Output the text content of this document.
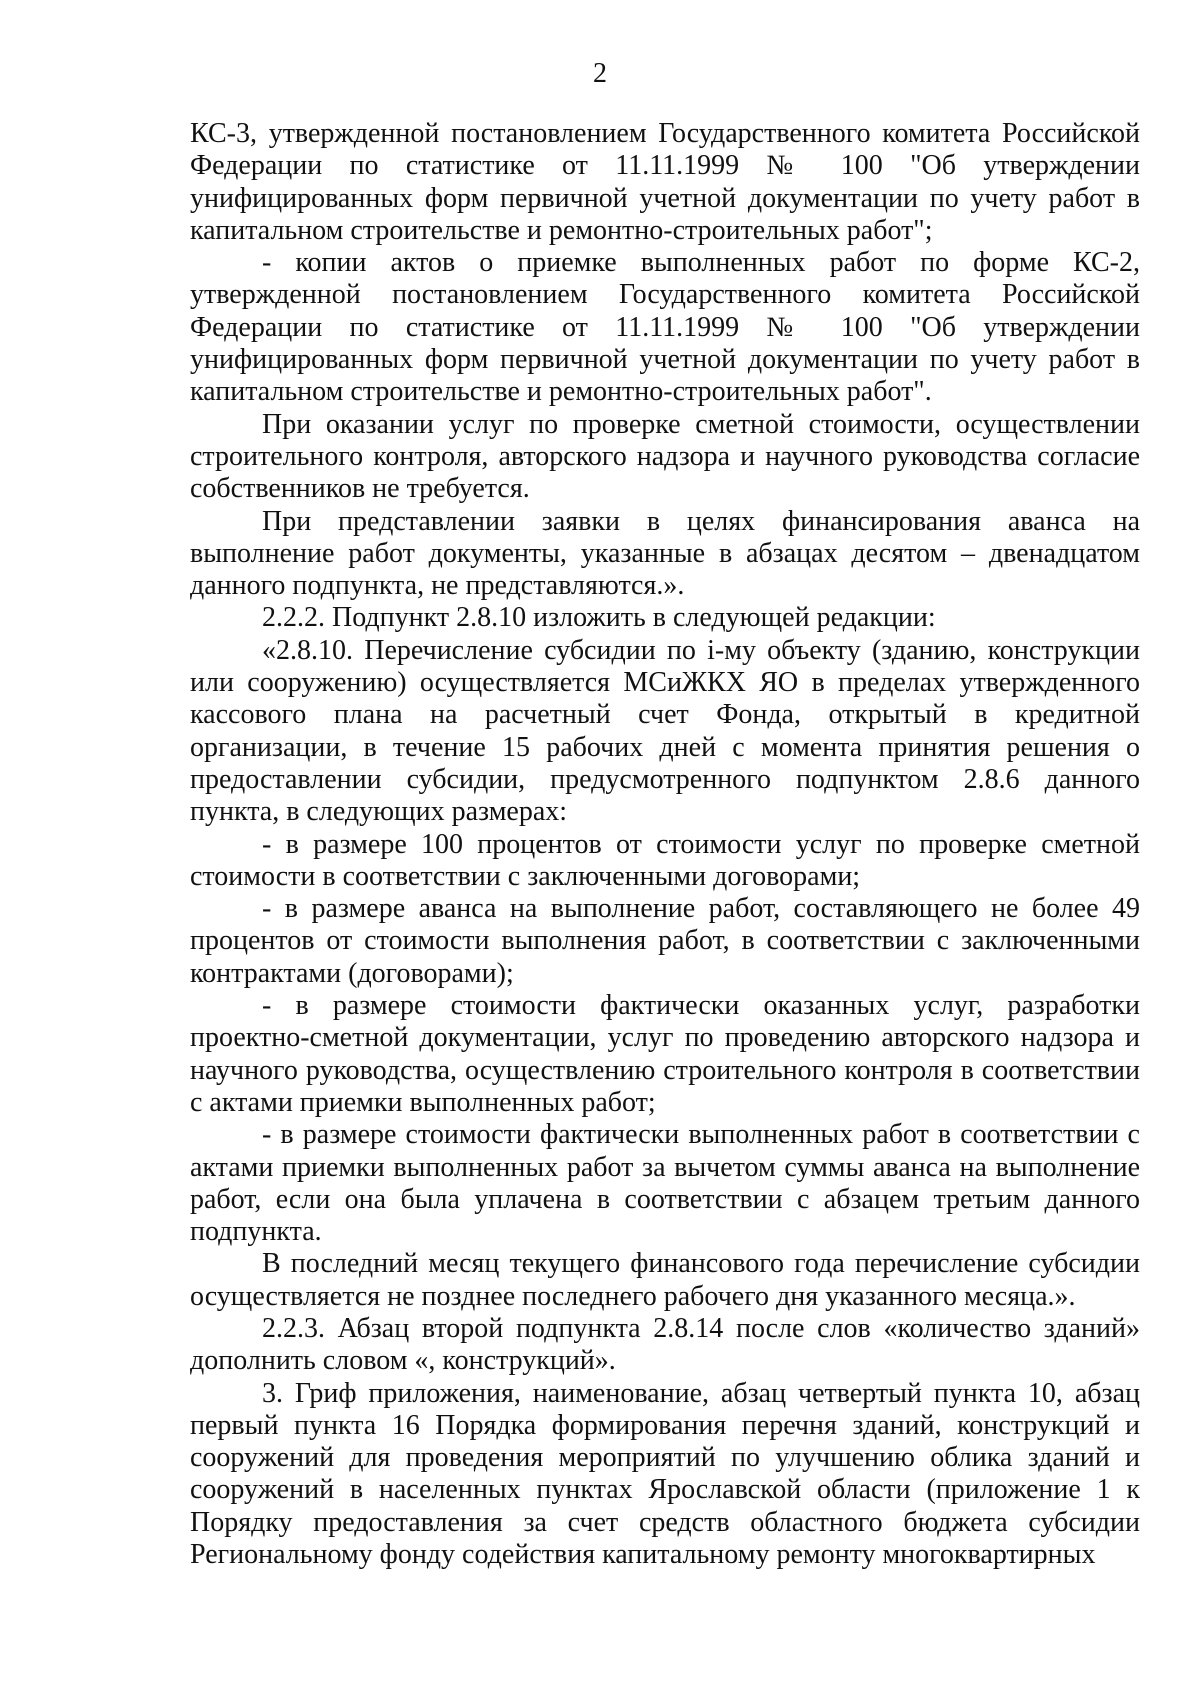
2

КС-3, утвержденной постановлением Государственного комитета Российской Федерации по статистике от 11.11.1999 № 100 "Об утверждении унифицированных форм первичной учетной документации по учету работ в капитальном строительстве и ремонтно-строительных работ";

- копии актов о приемке выполненных работ по форме КС-2, утвержденной постановлением Государственного комитета Российской Федерации по статистике от 11.11.1999 № 100 "Об утверждении унифицированных форм первичной учетной документации по учету работ в капитальном строительстве и ремонтно-строительных работ".

При оказании услуг по проверке сметной стоимости, осуществлении строительного контроля, авторского надзора и научного руководства согласие собственников не требуется.

При представлении заявки в целях финансирования аванса на выполнение работ документы, указанные в абзацах десятом – двенадцатом данного подпункта, не представляются.».

2.2.2. Подпункт 2.8.10 изложить в следующей редакции:

«2.8.10. Перечисление субсидии по i-му объекту (зданию, конструкции или сооружению) осуществляется МСиЖКХ ЯО в пределах утвержденного кассового плана на расчетный счет Фонда, открытый в кредитной организации, в течение 15 рабочих дней с момента принятия решения о предоставлении субсидии, предусмотренного подпунктом 2.8.6 данного пункта, в следующих размерах:

- в размере 100 процентов от стоимости услуг по проверке сметной стоимости в соответствии с заключенными договорами;

- в размере аванса на выполнение работ, составляющего не более 49 процентов от стоимости выполнения работ, в соответствии с заключенными контрактами (договорами);

- в размере стоимости фактически оказанных услуг, разработки проектно-сметной документации, услуг по проведению авторского надзора и научного руководства, осуществлению строительного контроля в соответствии с актами приемки выполненных работ;

- в размере стоимости фактически выполненных работ в соответствии с актами приемки выполненных работ за вычетом суммы аванса на выполнение работ, если она была уплачена в соответствии с абзацем третьим данного подпункта.

В последний месяц текущего финансового года перечисление субсидии осуществляется не позднее последнего рабочего дня указанного месяца.».

2.2.3. Абзац второй подпункта 2.8.14 после слов «количество зданий» дополнить словом «, конструкций».

3. Гриф приложения, наименование, абзац четвертый пункта 10, абзац первый пункта 16 Порядка формирования перечня зданий, конструкций и сооружений для проведения мероприятий по улучшению облика зданий и сооружений в населенных пунктах Ярославской области (приложение 1 к Порядку предоставления за счет средств областного бюджета субсидии Региональному фонду содействия капитальному ремонту многоквартирных
